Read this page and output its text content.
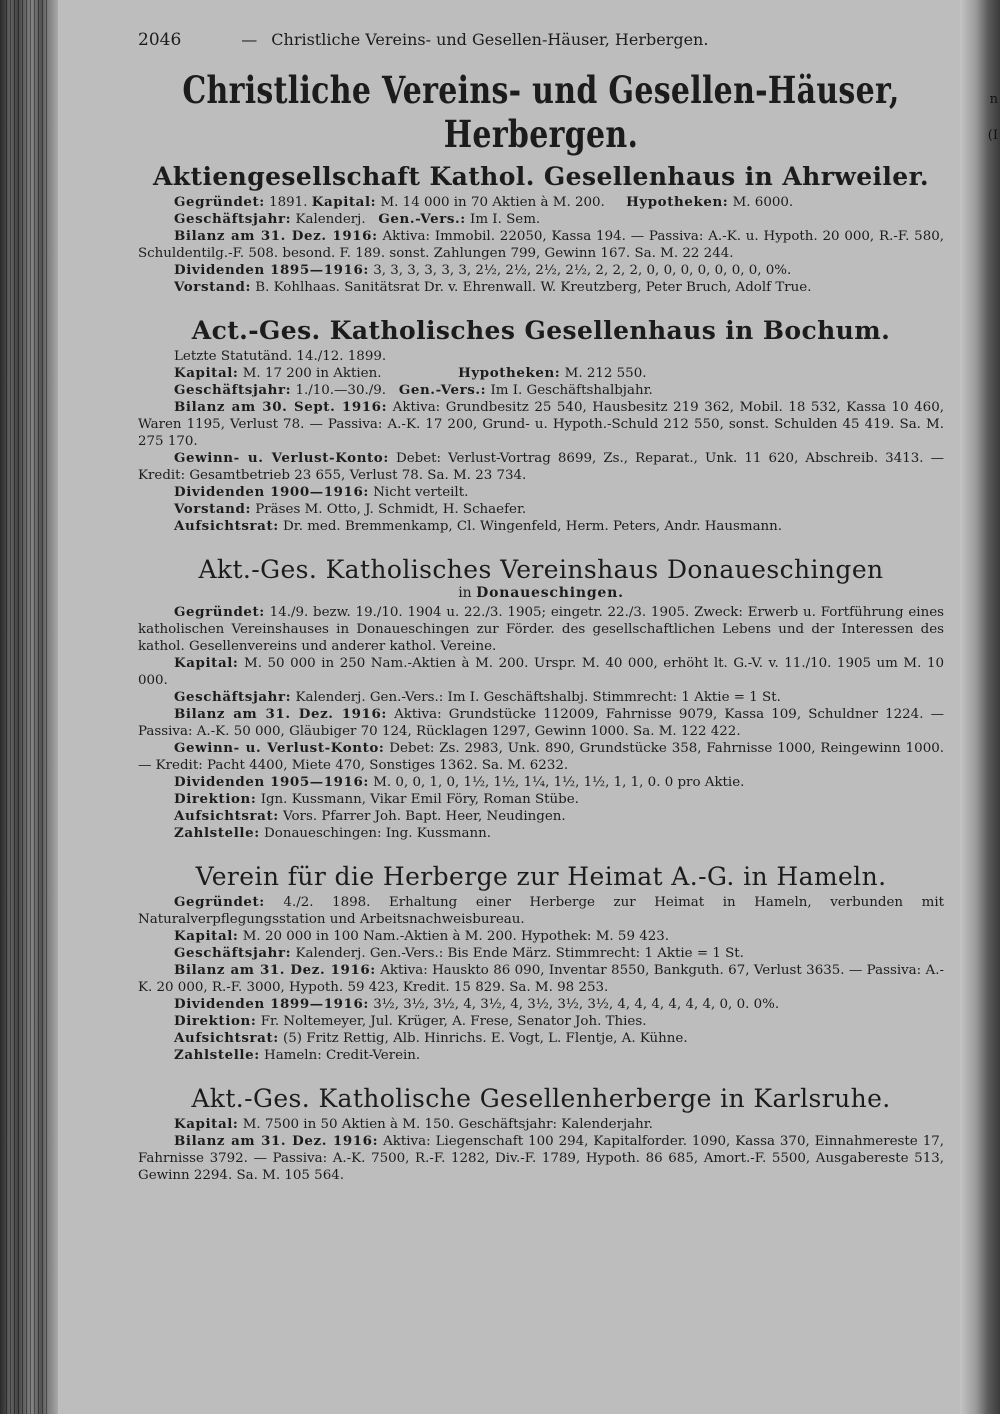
n
(I
2046	— Christliche Vereins- und Gesellen-Häuser, Herbergen.
Christliche Vereins- und Gesellen-Häuser, Herbergen.
Aktiengesellschaft Kathol. Gesellenhaus in Ahrweiler.

Gegründet: 1891. Kapital: M. 14 000 in 70 Aktien à M. 200. Hypotheken: M. 6000.

Geschäftsjahr: Kalenderj. Gen.-Vers.: Im I. Sem.

Bilanz am 31. Dez. 1916: Aktiva: Immobil. 22050, Kassa 194. — Passiva: A.-K. u. Hypoth. 20 000, R.-F. 580, Schuldentilg.-F. 508. besond. F. 189. sonst. Zahlungen 799, Gewinn 167. Sa. M. 22 244.

Dividenden 1895—1916: 3, 3, 3, 3, 3, 3, 2½, 2½, 2½, 2½, 2, 2, 2, 0, 0, 0, 0, 0, 0, 0, 0%.

Vorstand: B. Kohlhaas. Sanitätsrat Dr. v. Ehrenwall. W. Kreutzberg, Peter Bruch, Adolf True.

Act.-Ges. Katholisches Gesellenhaus in Bochum.

Letzte Statutänd. 14./12. 1899.

Kapital: M. 17 200 in Aktien.	Hypotheken: M. 212 550.

Geschäftsjahr: 1./10.—30./9. Gen.-Vers.: Im I. Geschäftshalbjahr.

Bilanz am 30. Sept. 1916: Aktiva: Grundbesitz 25 540, Hausbesitz 219 362, Mobil. 18 532, Kassa 10 460, Waren 1195, Verlust 78. — Passiva: A.-K. 17 200, Grund- u. Hypoth.-Schuld 212 550, sonst. Schulden 45 419. Sa. M. 275 170.

Gewinn- u. Verlust-Konto: Debet: Verlust-Vortrag 8699, Zs., Reparat., Unk. 11 620, Abschreib. 3413. — Kredit: Gesamtbetrieb 23 655, Verlust 78. Sa. M. 23 734.

Dividenden 1900—1916: Nicht verteilt.

Vorstand: Präses M. Otto, J. Schmidt, H. Schaefer.

Aufsichtsrat: Dr. med. Bremmenkamp, Cl. Wingenfeld, Herm. Peters, Andr. Hausmann.

Akt.-Ges. Katholisches Vereinshaus Donaueschingen
in Donaueschingen.

Gegründet: 14./9. bezw. 19./10. 1904 u. 22./3. 1905; eingetr. 22./3. 1905. Zweck: Erwerb u. Fortführung eines katholischen Vereinshauses in Donaueschingen zur Förder. des gesellschaftlichen Lebens und der Interessen des kathol. Gesellenvereins und anderer kathol. Vereine.

Kapital: M. 50 000 in 250 Nam.-Aktien à M. 200. Urspr. M. 40 000, erhöht lt. G.-V. v. 11./10. 1905 um M. 10 000.

Geschäftsjahr: Kalenderj. Gen.-Vers.: Im I. Geschäftshalbj. Stimmrecht: 1 Aktie = 1 St.

Bilanz am 31. Dez. 1916: Aktiva: Grundstücke 112009, Fahrnisse 9079, Kassa 109, Schuldner 1224. — Passiva: A.-K. 50 000, Gläubiger 70 124, Rücklagen 1297, Gewinn 1000. Sa. M. 122 422.

Gewinn- u. Verlust-Konto: Debet: Zs. 2983, Unk. 890, Grundstücke 358, Fahrnisse 1000, Reingewinn 1000. — Kredit: Pacht 4400, Miete 470, Sonstiges 1362. Sa. M. 6232.

Dividenden 1905—1916: M. 0, 0, 1, 0, 1½, 1½, 1¼, 1½, 1½, 1, 1, 0. 0 pro Aktie.

Direktion: Ign. Kussmann, Vikar Emil Föry, Roman Stübe.

Aufsichtsrat: Vors. Pfarrer Joh. Bapt. Heer, Neudingen.

Zahlstelle: Donaueschingen: Ing. Kussmann.

Verein für die Herberge zur Heimat A.-G. in Hameln.

Gegründet: 4./2. 1898. Erhaltung einer Herberge zur Heimat in Hameln, verbunden mit Naturalverpflegungsstation und Arbeitsnachweisbureau.

Kapital: M. 20 000 in 100 Nam.-Aktien à M. 200. Hypothek: M. 59 423.

Geschäftsjahr: Kalenderj. Gen.-Vers.: Bis Ende März. Stimmrecht: 1 Aktie = 1 St.

Bilanz am 31. Dez. 1916: Aktiva: Hauskto 86 090, Inventar 8550, Bankguth. 67, Verlust 3635. — Passiva: A.-K. 20 000, R.-F. 3000, Hypoth. 59 423, Kredit. 15 829. Sa. M. 98 253.

Dividenden 1899—1916: 3½, 3½, 3½, 4, 3½, 4, 3½, 3½, 3½, 4, 4, 4, 4, 4, 4, 0, 0. 0%.

Direktion: Fr. Noltemeyer, Jul. Krüger, A. Frese, Senator Joh. Thies.

Aufsichtsrat: (5) Fritz Rettig, Alb. Hinrichs. E. Vogt, L. Flentje, A. Kühne.

Zahlstelle: Hameln: Credit-Verein.

Akt.-Ges. Katholische Gesellenherberge in Karlsruhe.

Kapital: M. 7500 in 50 Aktien à M. 150. Geschäftsjahr: Kalenderjahr.

Bilanz am 31. Dez. 1916: Aktiva: Liegenschaft 100 294, Kapitalforder. 1090, Kassa 370, Einnahmereste 17, Fahrnisse 3792. — Passiva: A.-K. 7500, R.-F. 1282, Div.-F. 1789, Hypoth. 86 685, Amort.-F. 5500, Ausgabereste 513, Gewinn 2294. Sa. M. 105 564.
